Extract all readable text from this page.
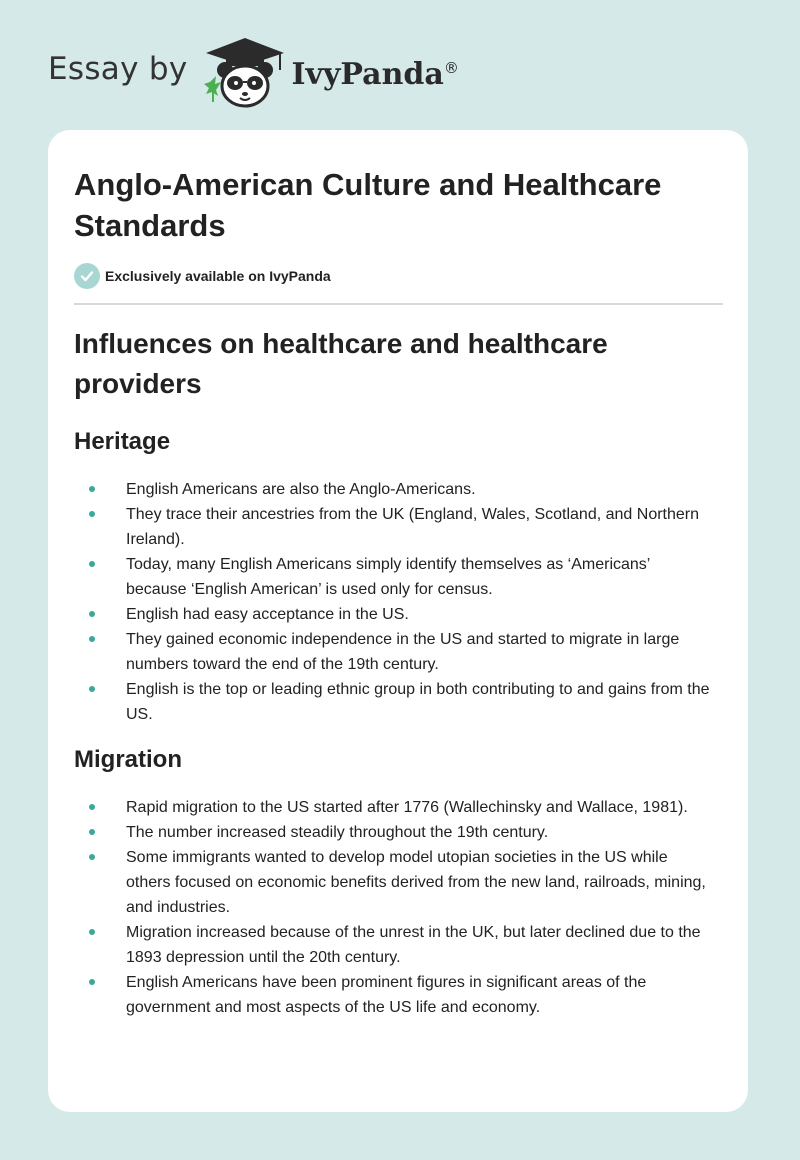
Essay by	IvyPanda®
Anglo-American Culture and Healthcare Standards
Exclusively available on IvyPanda
Influences on healthcare and healthcare providers
Heritage
English Americans are also the Anglo-Americans.
They trace their ancestries from the UK (England, Wales, Scotland, and Northern Ireland).
Today, many English Americans simply identify themselves as ‘Americans’ because ‘English American’ is used only for census.
English had easy acceptance in the US.
They gained economic independence in the US and started to migrate in large numbers toward the end of the 19th century.
English is the top or leading ethnic group in both contributing to and gains from the US.
Migration
Rapid migration to the US started after 1776 (Wallechinsky and Wallace, 1981).
The number increased steadily throughout the 19th century.
Some immigrants wanted to develop model utopian societies in the US while others focused on economic benefits derived from the new land, railroads, mining, and industries.
Migration increased because of the unrest in the UK, but later declined due to the 1893 depression until the 20th century.
English Americans have been prominent figures in significant areas of the government and most aspects of the US life and economy.
